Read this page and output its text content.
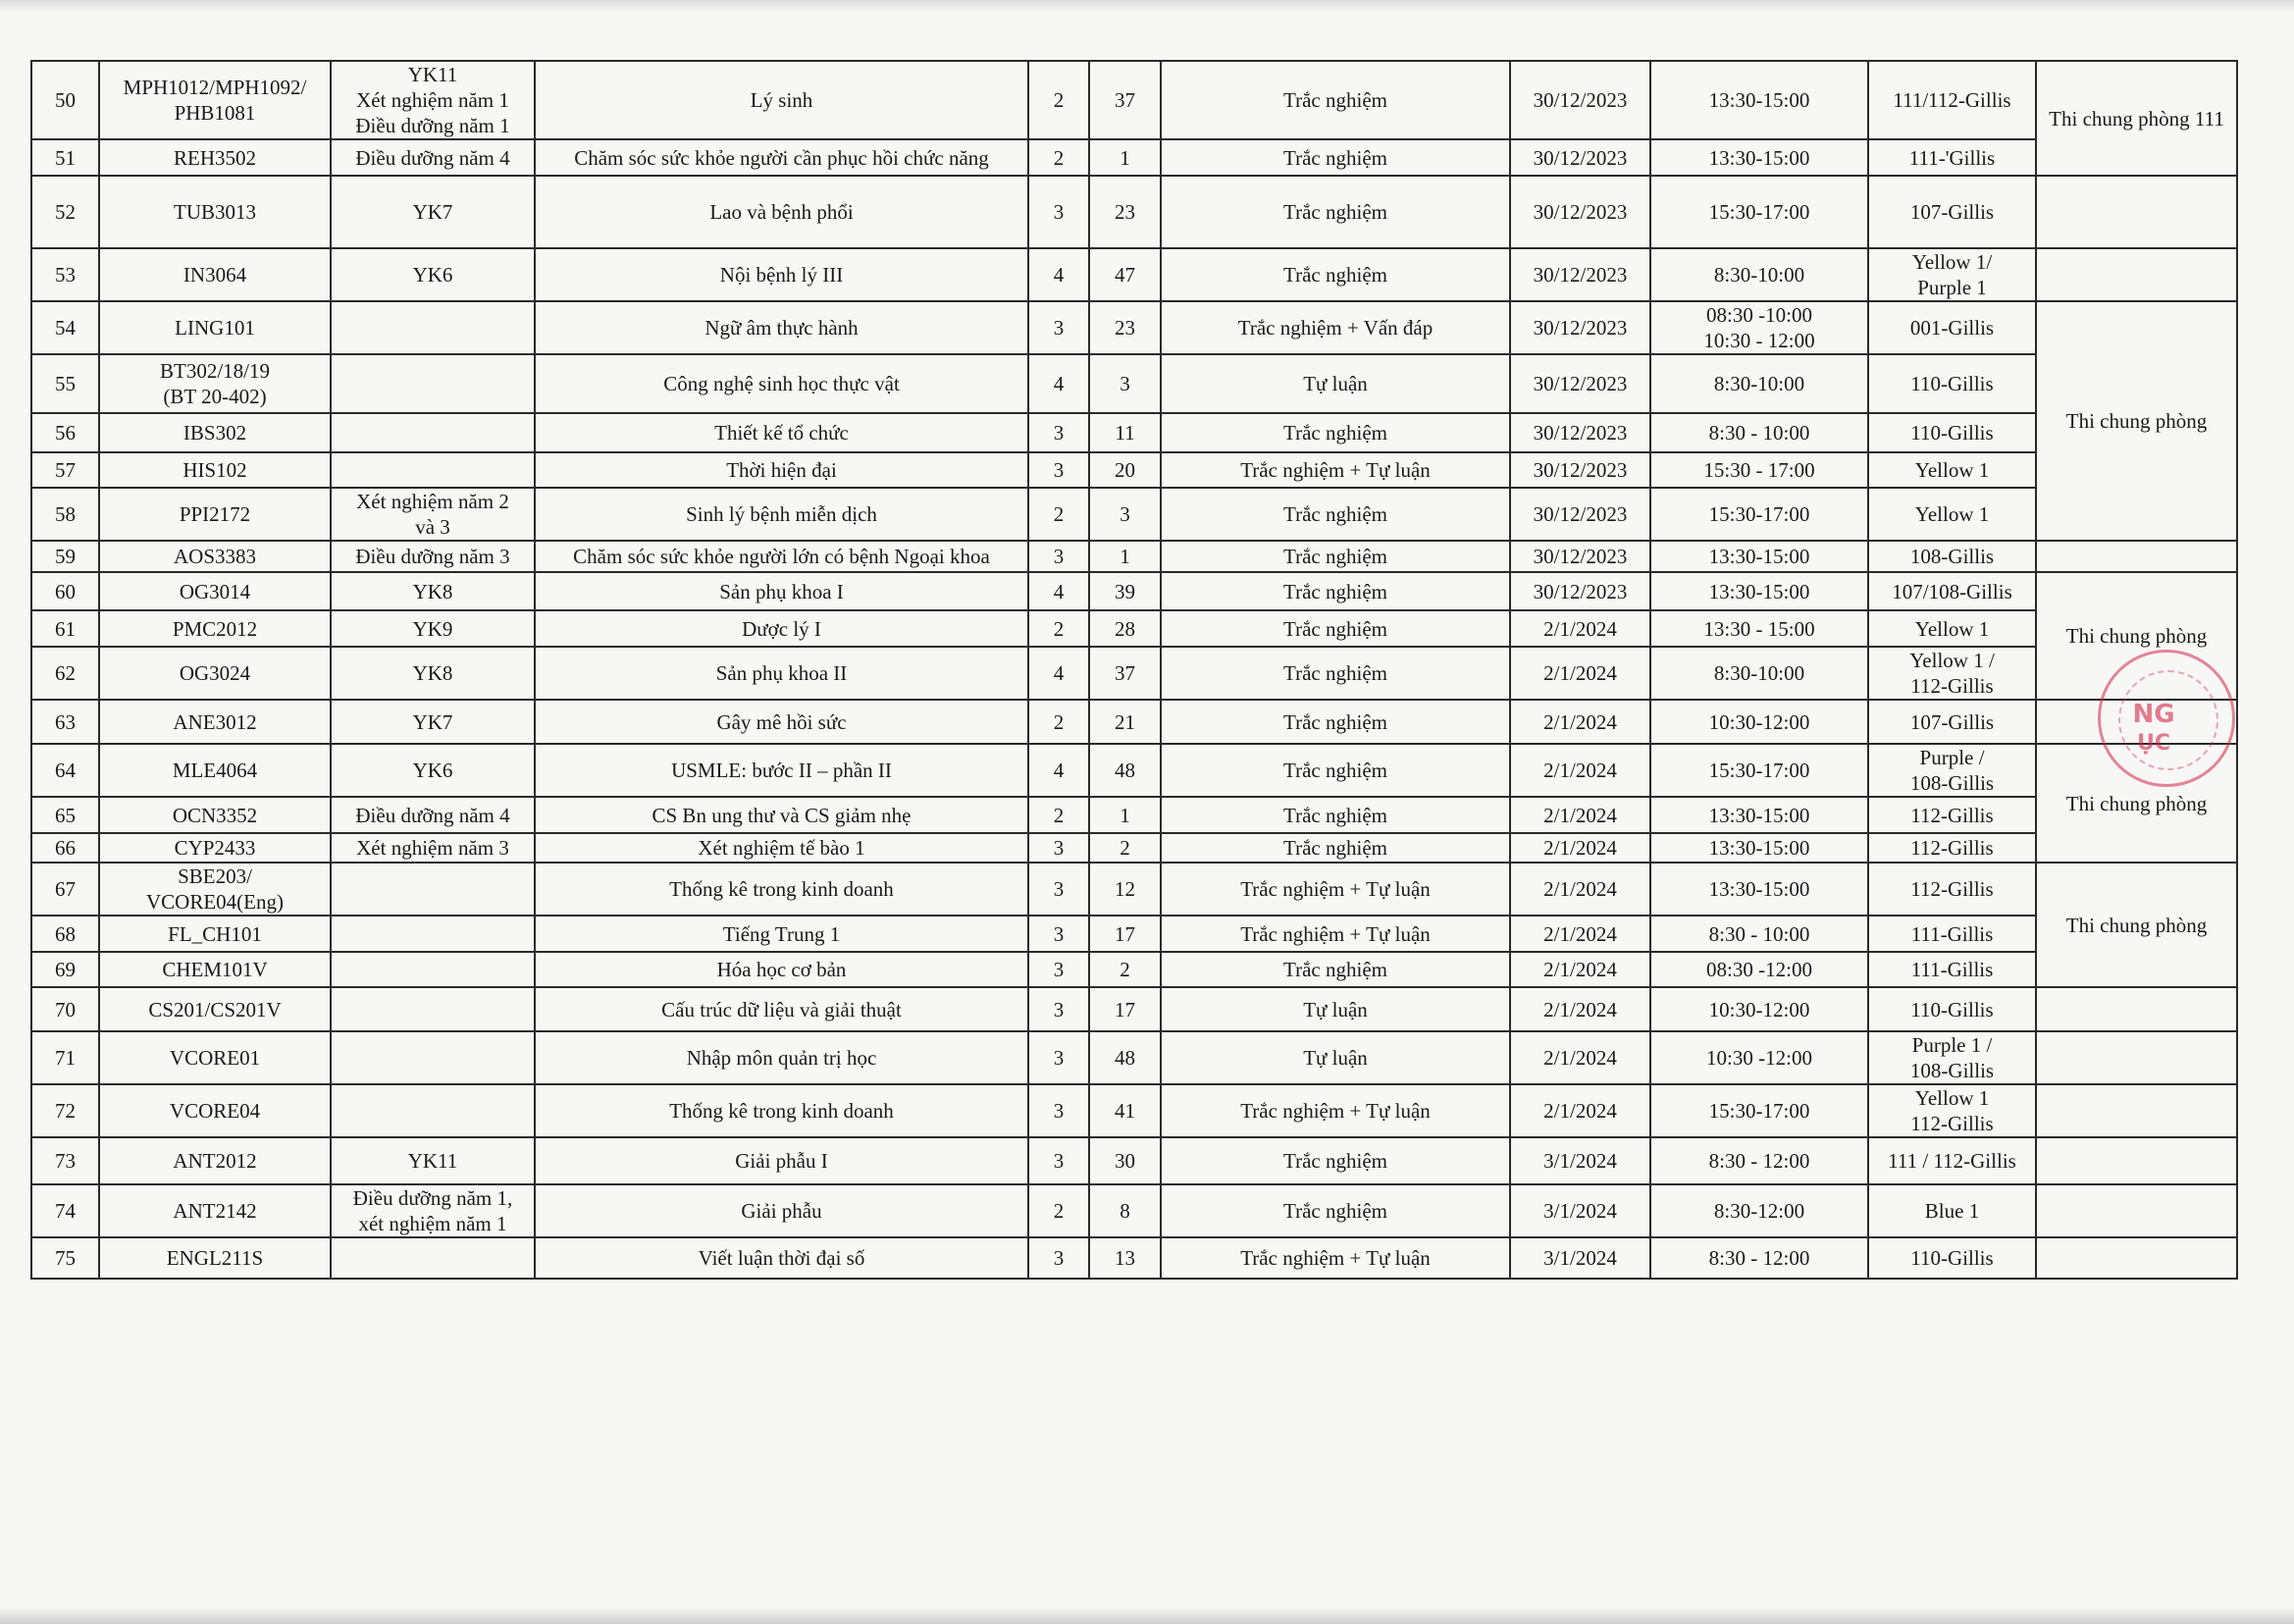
50	MPH1012/MPH1092/
PHB1081	YK11
Xét nghiệm năm 1
Điều dưỡng năm 1	Lý sinh	2	37	Trắc nghiệm	30/12/2023	13:30-15:00	111/112-Gillis	Thi chung phòng 111	
51	REH3502	Điều dưỡng năm 4	Chăm sóc sức khỏe người cần phục hồi chức năng	2	1	Trắc nghiệm	30/12/2023	13:30-15:00	111-'Gillis		
52	TUB3013	YK7	Lao và bệnh phổi	3	23	Trắc nghiệm	30/12/2023	15:30-17:00	107-Gillis		
53	IN3064	YK6	Nội bệnh lý III	4	47	Trắc nghiệm	30/12/2023	8:30-10:00	Yellow 1/
Purple 1		
54	LING101		Ngữ âm thực hành	3	23	Trắc nghiệm + Vấn đáp	30/12/2023	08:30 -10:00
10:30 - 12:00	001-Gillis	Thi chung phòng	
55	BT302/18/19
(BT 20-402)		Công nghệ sinh học thực vật	4	3	Tự luận	30/12/2023	8:30-10:00	110-Gillis		
56	IBS302		Thiết kế tổ chức	3	11	Trắc nghiệm	30/12/2023	8:30 - 10:00	110-Gillis		
57	HIS102		Thời hiện đại	3	20	Trắc nghiệm + Tự luận	30/12/2023	15:30 - 17:00	Yellow 1		
58	PPI2172	Xét nghiệm năm 2
và 3	Sinh lý bệnh miễn dịch	2	3	Trắc nghiệm	30/12/2023	15:30-17:00	Yellow 1	
59	AOS3383	Điều dưỡng năm 3	Chăm sóc sức khỏe người lớn có bệnh Ngoại khoa	3	1	Trắc nghiệm	30/12/2023	13:30-15:00	108-Gillis		
60	OG3014	YK8	Sản phụ khoa I	4	39	Trắc nghiệm	30/12/2023	13:30-15:00	107/108-Gillis	Thi chung phòng	
61	PMC2012	YK9	Dược lý I	2	28	Trắc nghiệm	2/1/2024	13:30 - 15:00	Yellow 1		
62	OG3024	YK8	Sản phụ khoa II	4	37	Trắc nghiệm	2/1/2024	8:30-10:00	Yellow 1 /
112-Gillis		
63	ANE3012	YK7	Gây mê hồi sức	2	21	Trắc nghiệm	2/1/2024	10:30-12:00	107-Gillis		
64	MLE4064	YK6	USMLE: bước II – phần II	4	48	Trắc nghiệm	2/1/2024	15:30-17:00	Purple /
108-Gillis	Thi chung phòng	
65	OCN3352	Điều dưỡng năm 4	CS Bn ung thư và CS giảm nhẹ	2	1	Trắc nghiệm	2/1/2024	13:30-15:00	112-Gillis		
66	CYP2433	Xét nghiệm năm 3	Xét nghiệm tế bào 1	3	2	Trắc nghiệm	2/1/2024	13:30-15:00	112-Gillis		
67	SBE203/
VCORE04(Eng)		Thống kê trong kinh doanh	3	12	Trắc nghiệm + Tự luận	2/1/2024	13:30-15:00	112-Gillis	Thi chung phòng	
68	FL_CH101		Tiếng Trung 1	3	17	Trắc nghiệm + Tự luận	2/1/2024	8:30 - 10:00	111-Gillis		
69	CHEM101V		Hóa học cơ bản	3	2	Trắc nghiệm	2/1/2024	08:30 -12:00	111-Gillis		
70	CS201/CS201V		Cấu trúc dữ liệu và giải thuật	3	17	Tự luận	2/1/2024	10:30-12:00	110-Gillis		
71	VCORE01		Nhập môn quản trị học	3	48	Tự luận	2/1/2024	10:30 -12:00	Purple 1 /
108-Gillis		
72	VCORE04		Thống kê trong kinh doanh	3	41	Trắc nghiệm + Tự luận	2/1/2024	15:30-17:00	Yellow 1
112-Gillis		
73	ANT2012	YK11	Giải phẫu I	3	30	Trắc nghiệm	3/1/2024	8:30 - 12:00	111 / 112-Gillis		
74	ANT2142	Điều dưỡng năm 1,
xét nghiệm năm 1	Giải phẫu	2	8	Trắc nghiệm	3/1/2024	8:30-12:00	Blue 1		
75	ENGL211S		Viết luận thời đại số	3	13	Trắc nghiệm + Tự luận	3/1/2024	8:30 - 12:00	110-Gillis		
NG
ỤC
